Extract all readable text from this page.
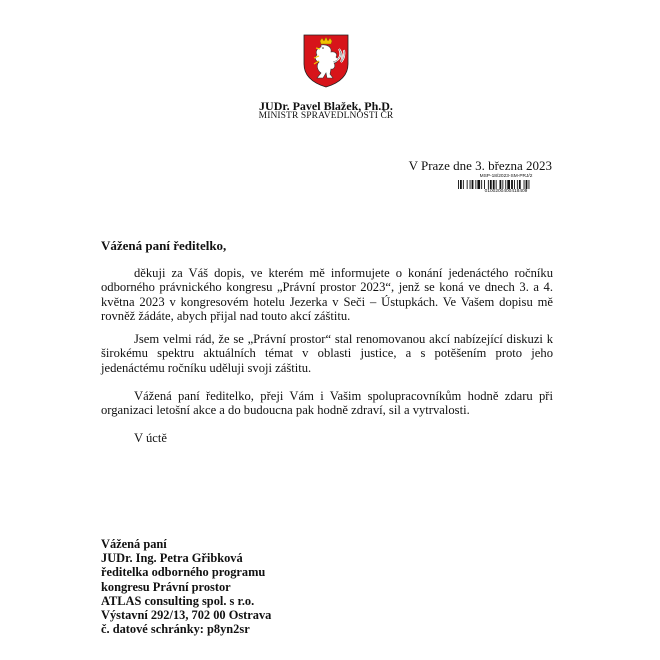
JUDr. Pavel Blažek, Ph.D.
MINISTR SPRAVEDLNOSTI ČR
V Praze dne 3. března 2023
MSP-18/2023-SM-PRJ/2
0100200400418409
Vážená paní ředitelko,

děkuji za Váš dopis, ve kterém mě informujete o konání jedenáctého ročníku odborného právnického kongresu „Právní prostor 2023“, jenž se koná ve dnech 3. a 4. května 2023 v kongresovém hotelu Jezerka v Seči – Ústupkách. Ve Vašem dopisu mě rovněž žádáte, abych přijal nad touto akcí záštitu.

Jsem velmi rád, že se „Právní prostor“ stal renomovanou akcí nabízející diskuzi k širokému spektru aktuálních témat v oblasti justice, a s potěšením proto jeho jedenáctému ročníku uděluji svoji záštitu.

Vážená paní ředitelko, přeji Vám i Vašim spolupracovníkům hodně zdaru při organizaci letošní akce a do budoucna pak hodně zdraví, sil a vytrvalosti.

V úctě
Vážená paní
JUDr. Ing. Petra Gřibková
ředitelka odborného programu
kongresu Právní prostor
ATLAS consulting spol. s r.o.
Výstavní 292/13, 702 00 Ostrava
č. datové schránky: p8yn2sr
